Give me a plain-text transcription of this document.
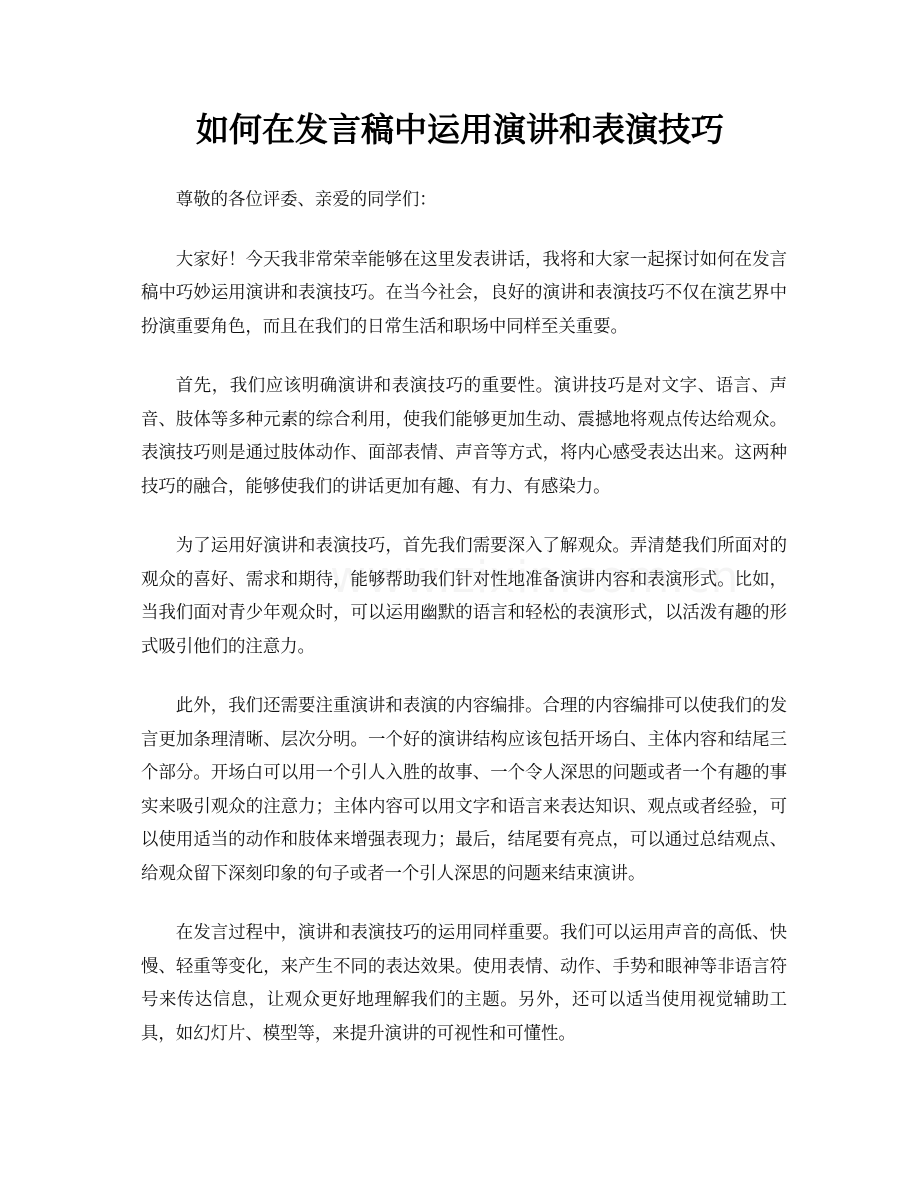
如何在发言稿中运用演讲和表演技巧

尊敬的各位评委、亲爱的同学们：

大家好！今天我非常荣幸能够在这里发表讲话，我将和大家一起探讨如何在发言稿中巧妙运用演讲和表演技巧。在当今社会，良好的演讲和表演技巧不仅在演艺界中扮演重要角色，而且在我们的日常生活和职场中同样至关重要。

首先，我们应该明确演讲和表演技巧的重要性。演讲技巧是对文字、语言、声音、肢体等多种元素的综合利用，使我们能够更加生动、震撼地将观点传达给观众。表演技巧则是通过肢体动作、面部表情、声音等方式，将内心感受表达出来。这两种技巧的融合，能够使我们的讲话更加有趣、有力、有感染力。

为了运用好演讲和表演技巧，首先我们需要深入了解观众。弄清楚我们所面对的观众的喜好、需求和期待，能够帮助我们针对性地准备演讲内容和表演形式。比如，当我们面对青少年观众时，可以运用幽默的语言和轻松的表演形式，以活泼有趣的形式吸引他们的注意力。

此外，我们还需要注重演讲和表演的内容编排。合理的内容编排可以使我们的发言更加条理清晰、层次分明。一个好的演讲结构应该包括开场白、主体内容和结尾三个部分。开场白可以用一个引人入胜的故事、一个令人深思的问题或者一个有趣的事实来吸引观众的注意力；主体内容可以用文字和语言来表达知识、观点或者经验，可以使用适当的动作和肢体来增强表现力；最后，结尾要有亮点，可以通过总结观点、给观众留下深刻印象的句子或者一个引人深思的问题来结束演讲。

在发言过程中，演讲和表演技巧的运用同样重要。我们可以运用声音的高低、快慢、轻重等变化，来产生不同的表达效果。使用表情、动作、手势和眼神等非语言符号来传达信息，让观众更好地理解我们的主题。另外，还可以适当使用视觉辅助工具，如幻灯片、模型等，来提升演讲的可视性和可懂性。
